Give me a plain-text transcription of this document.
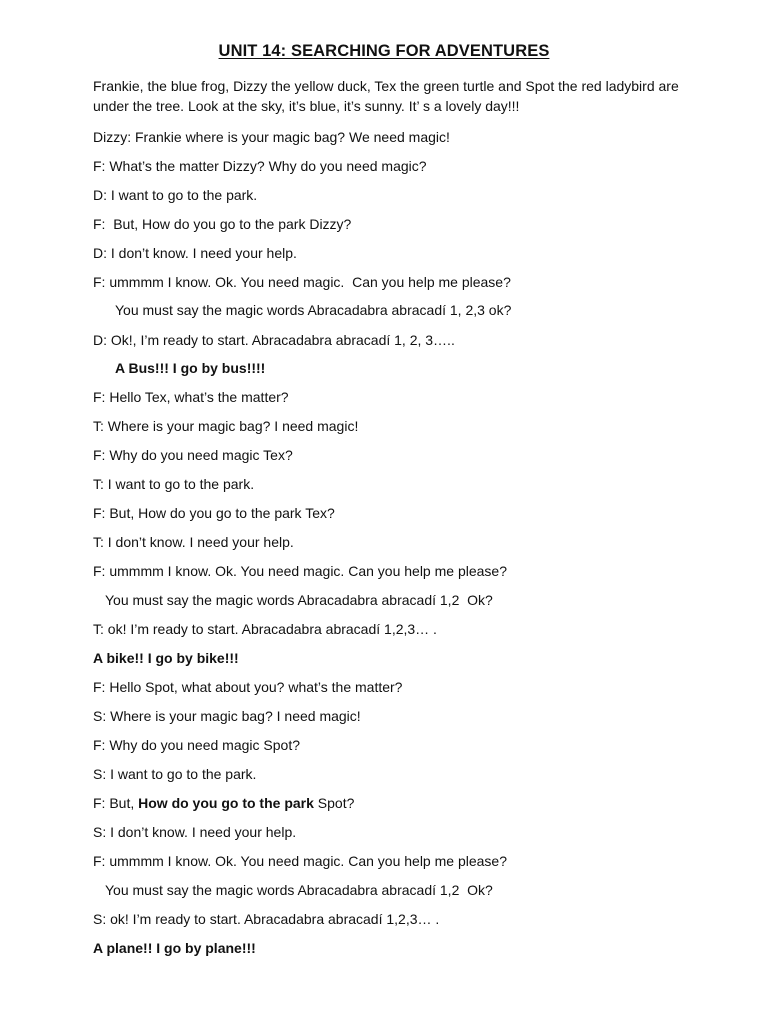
UNIT 14: SEARCHING FOR ADVENTURES
Frankie, the blue frog, Dizzy the yellow duck, Tex the green turtle and Spot the red ladybird are under the tree. Look at the sky, it’s blue, it’s sunny. It’ s a lovely day!!!
Dizzy: Frankie where is your magic bag? We need magic!
F: What’s the matter Dizzy? Why do you need magic?
D: I want to go to the park.
F:  But, How do you go to the park Dizzy?
D: I don’t know. I need your help.
F: ummmm I know. Ok. You need magic.  Can you help me please?
You must say the magic words Abracadabra abracadí 1, 2,3 ok?
D: Ok!, I’m ready to start. Abracadabra abracadí 1, 2, 3…..
A Bus!!! I go by bus!!!!
F: Hello Tex, what’s the matter?
T: Where is your magic bag? I need magic!
F: Why do you need magic Tex?
T: I want to go to the park.
F: But, How do you go to the park Tex?
T: I don’t know. I need your help.
F: ummmm I know. Ok. You need magic. Can you help me please?
You must say the magic words Abracadabra abracadí 1,2  Ok?
T: ok! I’m ready to start. Abracadabra abracadí 1,2,3… .
A bike!! I go by bike!!!
F: Hello Spot, what about you? what’s the matter?
S: Where is your magic bag? I need magic!
F: Why do you need magic Spot?
S: I want to go to the park.
F: But, How do you go to the park Spot?
S: I don’t know. I need your help.
F: ummmm I know. Ok. You need magic. Can you help me please?
You must say the magic words Abracadabra abracadí 1,2  Ok?
S: ok! I’m ready to start. Abracadabra abracadí 1,2,3… .
A plane!! I go by plane!!!
